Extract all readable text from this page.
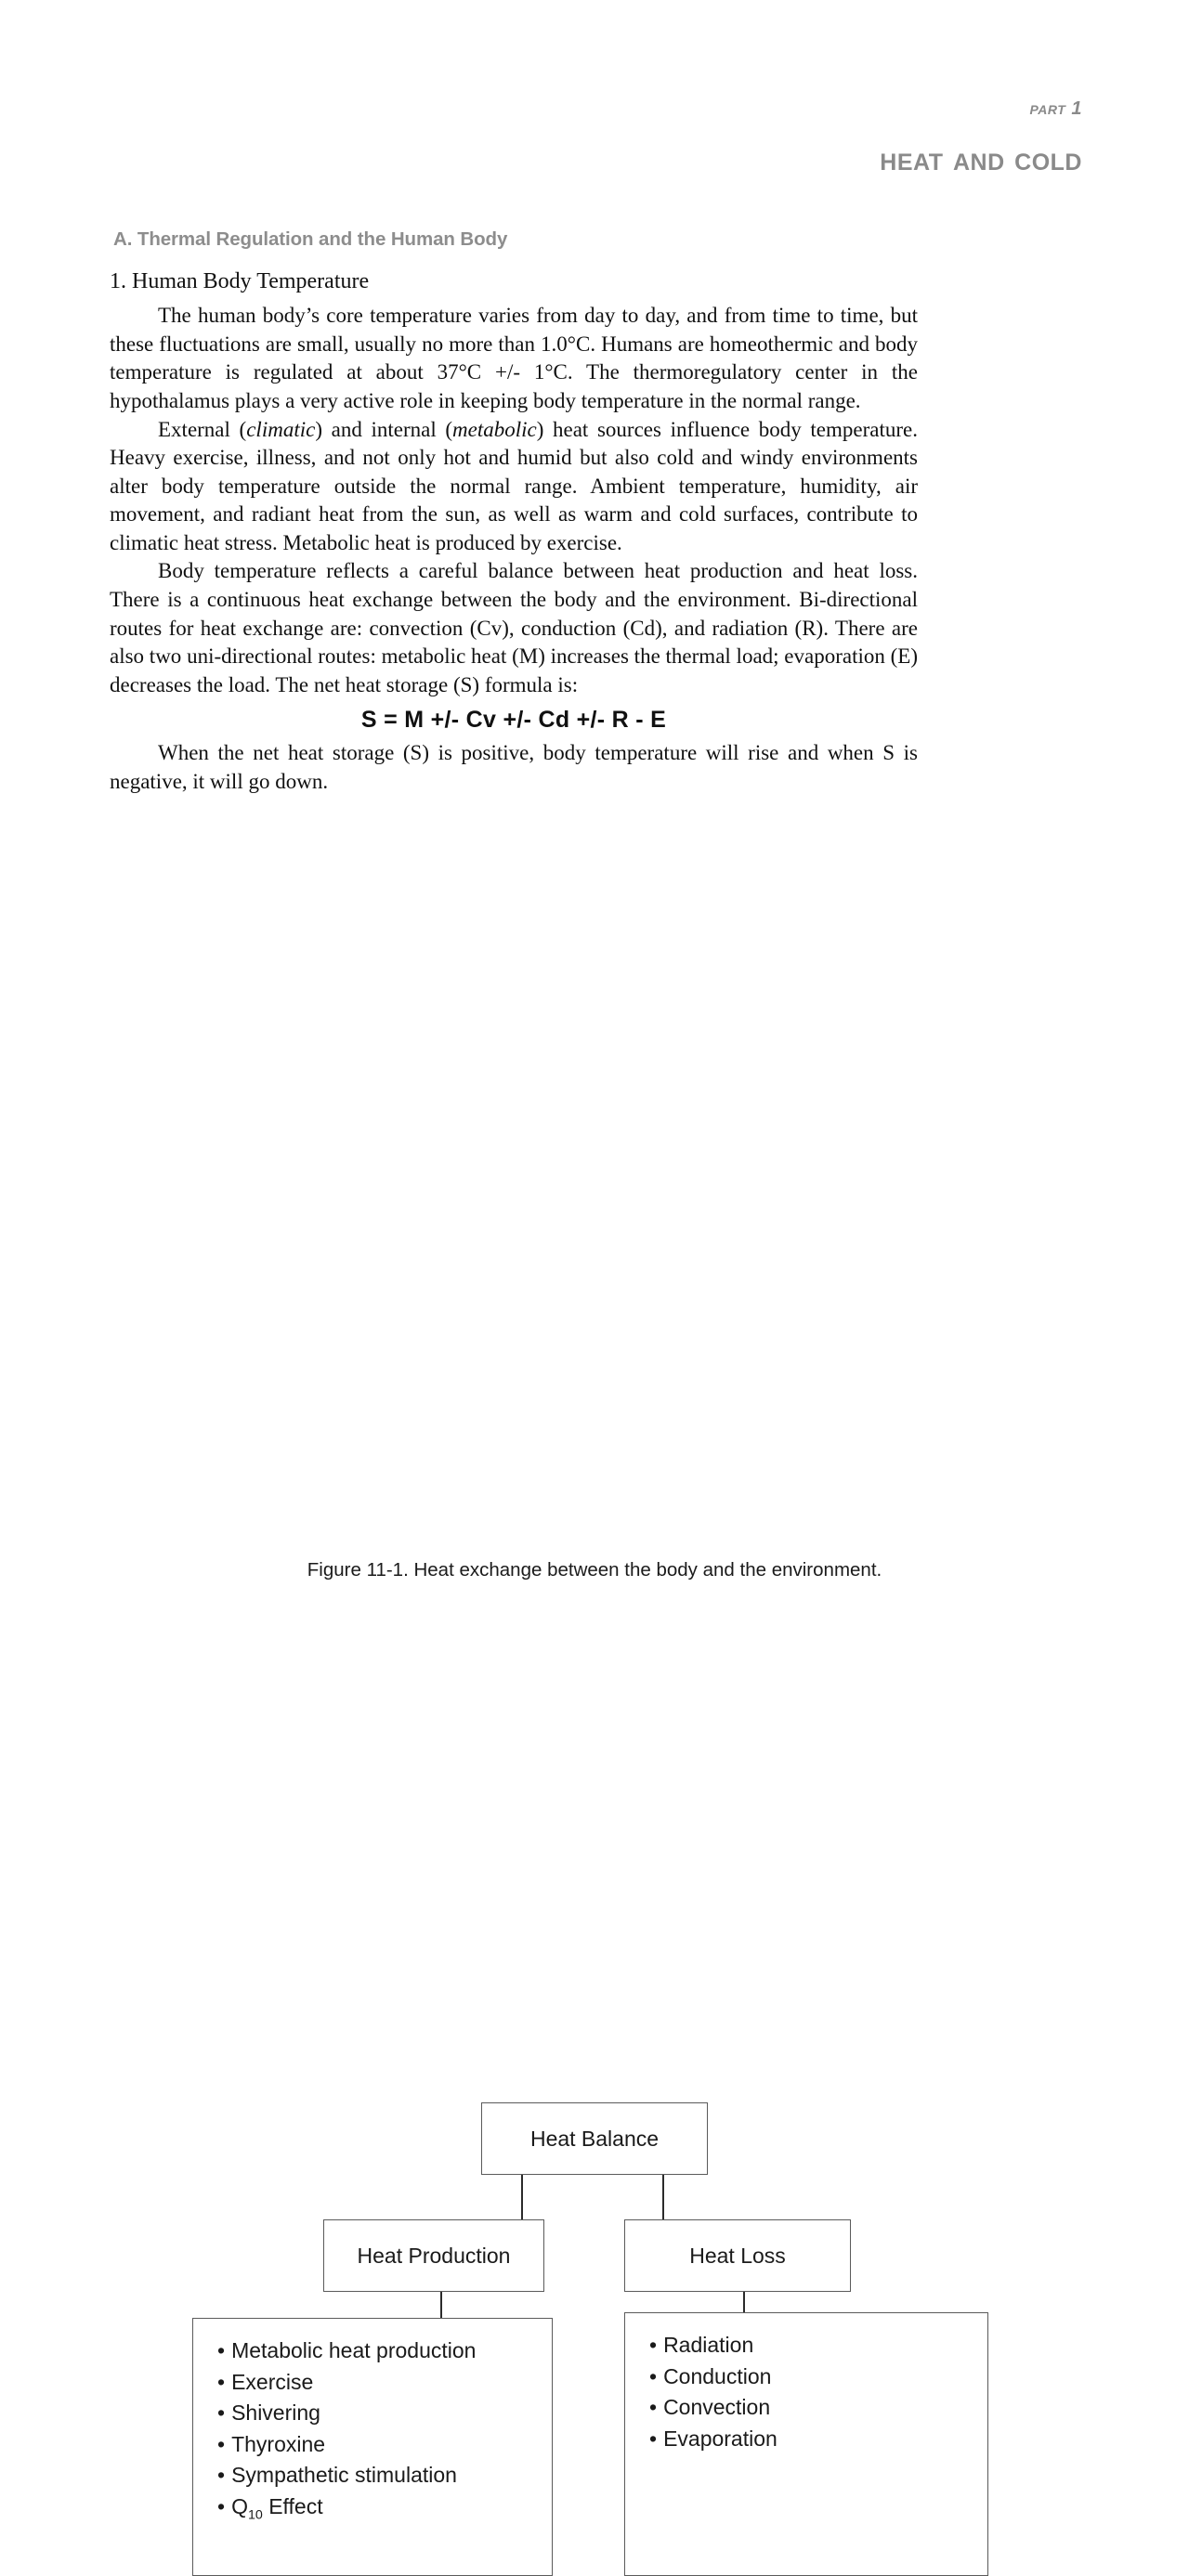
part 1
heat and cold
A. Thermal Regulation and the Human Body
1. Human Body Temperature

The human body’s core temperature varies from day to day, and from time to time, but these fluctuations are small, usually no more than 1.0°C. Humans are homeothermic and body temperature is regulated at about 37°C +/- 1°C. The thermoregulatory center in the hypothalamus plays a very active role in keeping body temperature in the normal range.

External (climatic) and internal (metabolic) heat sources influence body temperature. Heavy exercise, illness, and not only hot and humid but also cold and windy environments alter body temperature outside the normal range. Ambient temperature, humidity, air movement, and radiant heat from the sun, as well as warm and cold surfaces, contribute to climatic heat stress. Metabolic heat is produced by exercise.

Body temperature reflects a careful balance between heat production and heat loss. There is a continuous heat exchange between the body and the environment. Bi-directional routes for heat exchange are: convection (Cv), conduction (Cd), and radiation (R). There are also two uni-directional routes: metabolic heat (M) increases the thermal load; evaporation (E) decreases the load. The net heat storage (S) formula is:

S = M +/- Cv +/- Cd +/- R - E

When the net heat storage (S) is positive, body temperature will rise and when S is negative, it will go down.

Heat Balance
Heat Production	Heat Loss
• Metabolic heat production
• Exercise
• Shivering
• Thyroxine
• Sympathetic stimulation
• $Q_{10}$ Effect
• Radiation
• Conduction
• Convection
• Evaporation
Figure 11-1. Heat exchange between the body and the environment.
